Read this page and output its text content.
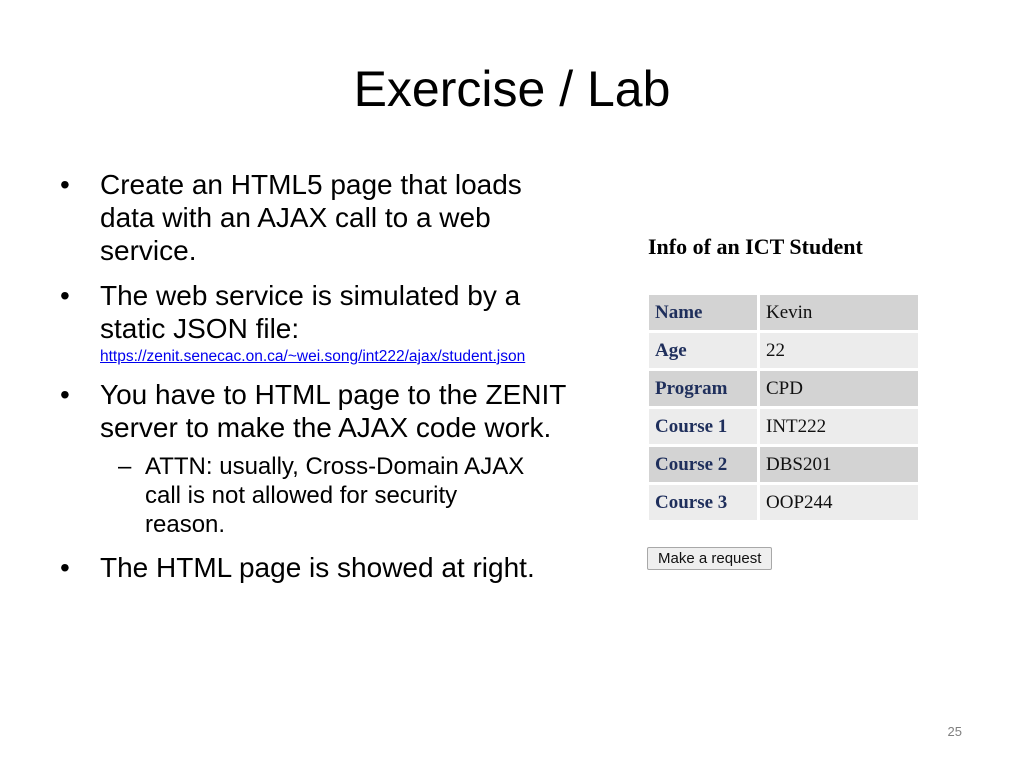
Exercise / Lab
• Create an HTML5 page that loads data with an AJAX call to a web service.
• The web service is simulated by a static JSON file:
https://zenit.senecac.on.ca/~wei.song/int222/ajax/student.json
• You have to HTML page to the ZENIT server to make the AJAX code work.
– ATTN: usually, Cross-Domain AJAX call is not allowed for security reason.
• The HTML page is showed at right.
Info of an ICT Student
Name	Kevin
Age	22
Program	CPD
Course 1	INT222
Course 2	DBS201
Course 3	OOP244
Make a request
25
